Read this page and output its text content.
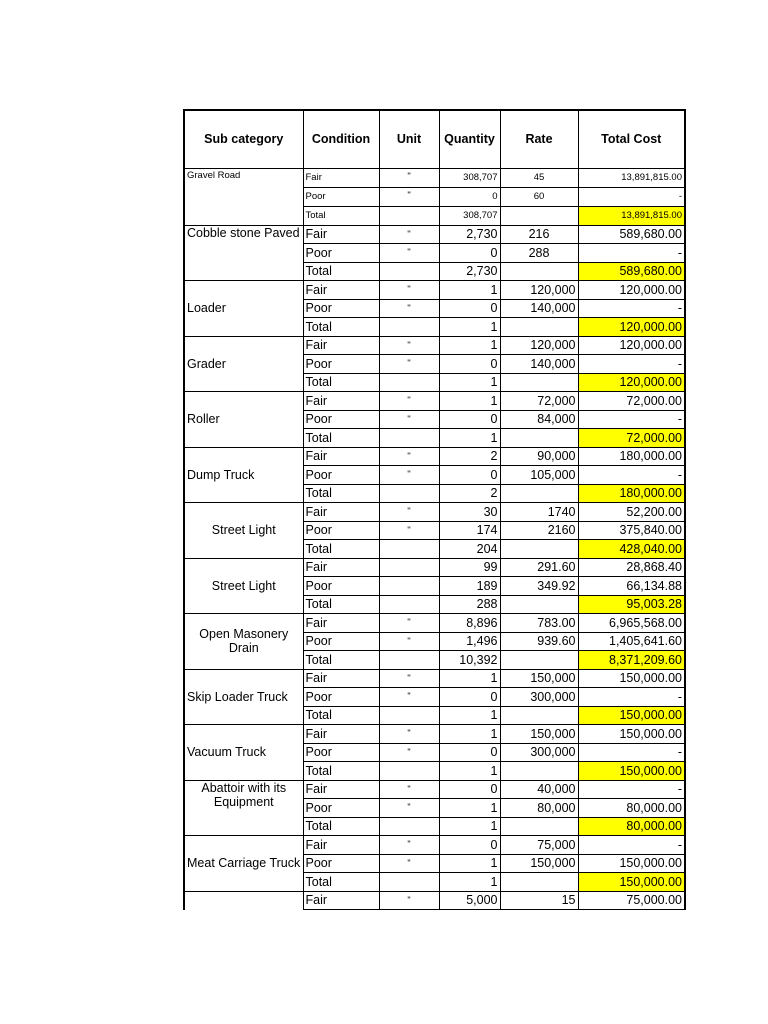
Sub category	Condition	Unit	Quantity	Rate	Total Cost
Gravel Road	Fair	"	308,707	45	13,891,815.00
	Poor	"	0	60	-
	Total		308,707		13,891,815.00
Cobble stone Paved	Fair	''	2,730	216	589,680.00
	Poor	''	0	288	-
	Total		2,730		589,680.00
Loader	Fair	''	1	120,000	120,000.00
	Poor	''	0	140,000	-
	Total		1		120,000.00
Grader	Fair	''	1	120,000	120,000.00
	Poor	''	0	140,000	-
	Total		1		120,000.00
Roller	Fair	''	1	72,000	72,000.00
	Poor	''	0	84,000	-
	Total		1		72,000.00
Dump Truck	Fair	''	2	90,000	180,000.00
	Poor	''	0	105,000	-
	Total		2		180,000.00
Street Light	Fair	''	30	1740	52,200.00
	Poor	''	174	2160	375,840.00
	Total		204		428,040.00
Street Light	Fair		99	291.60	28,868.40
	Poor		189	349.92	66,134.88
	Total		288		95,003.28
Open Masonery Drain	Fair	''	8,896	783.00	6,965,568.00
	Poor	''	1,496	939.60	1,405,641.60
	Total		10,392		8,371,209.60
Skip Loader Truck	Fair	''	1	150,000	150,000.00
	Poor	"	0	300,000	-
	Total		1		150,000.00
Vacuum Truck	Fair	"	1	150,000	150,000.00
	Poor	"	0	300,000	-
	Total		1		150,000.00
Abattoir with its Equipment	Fair	"	0	40,000	-
	Poor	"	1	80,000	80,000.00
	Total		1		80,000.00
Meat Carriage Truck	Fair	"	0	75,000	-
	Poor	"	1	150,000	150,000.00
	Total		1		150,000.00
	Fair	"	5,000	15	75,000.00
